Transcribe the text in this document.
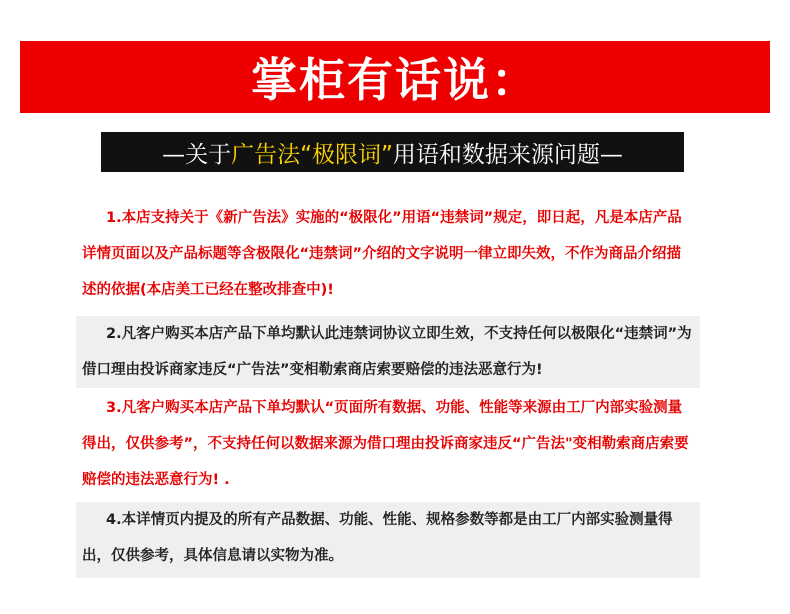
掌柜有话说：
—关于 广告法“极限词” 用语和数据来源问题—
1.本店支持关于《新广告法》实施的“极限化”用语“违禁词”规定，即日起，凡是本店产品详情页面以及产品标题等含极限化“违禁词”介绍的文字说明一律立即失效，不作为商品介绍描述的依据(本店美工已经在整改排查中)!
2.凡客户购买本店产品下单均默认此违禁词协议立即生效，不支持任何以极限化“违禁词”为借口理由投诉商家违反“广告法”变相勒索商店索要赔偿的违法恶意行为!
3.凡客户购买本店产品下单均默认“页面所有数据、功能、性能等来源由工厂内部实验测量得出，仅供参考”，不支持任何以数据来源为借口理由投诉商家违反“广告法"变相勒索商店索要赔偿的违法恶意行为! .
4.本详情页内提及的所有产品数据、功能、性能、规格参数等都是由工厂内部实验测量得出，仅供参考，具体信息请以实物为准。
